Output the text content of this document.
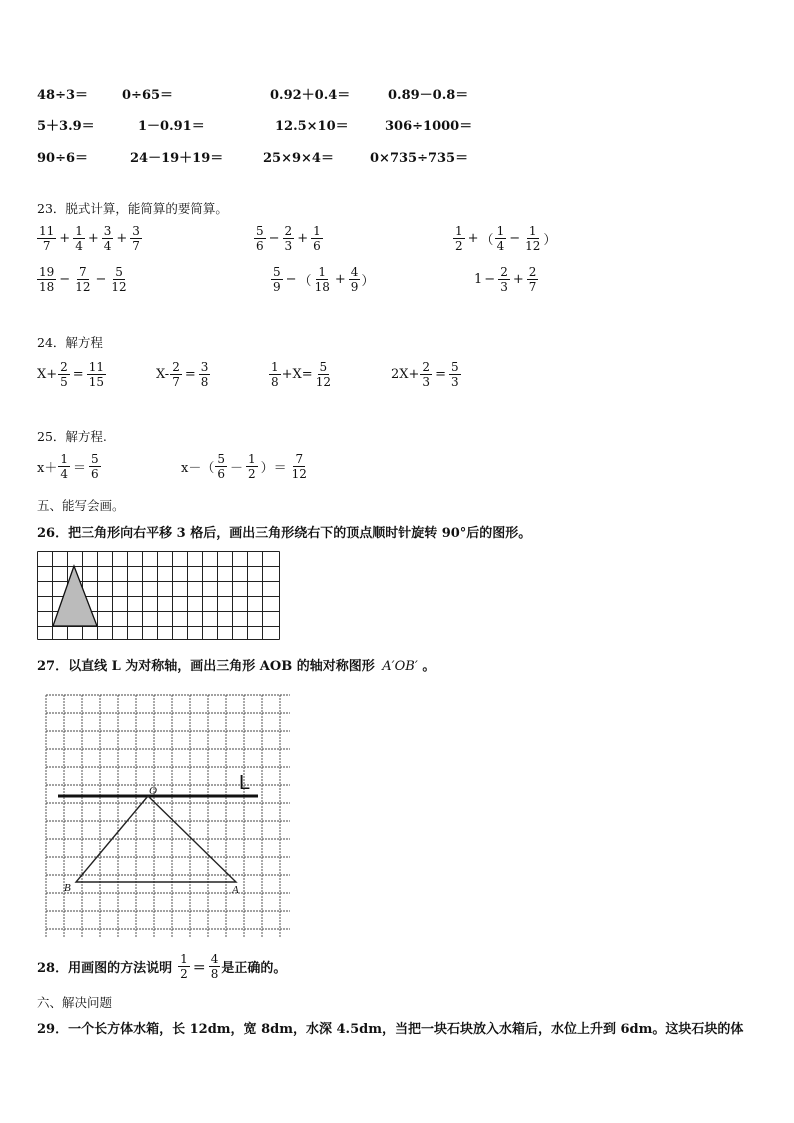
48÷3＝	0÷65＝	0.92＋0.4＝	0.89－0.8＝
5＋3.9＝	1－0.91＝	12.5×10＝	306÷1000＝
90÷6＝	24－19＋19＝	25×9×4＝	0×735÷735＝
23．脱式计算，能简算的要简算。
$\frac{11}{7} + \frac{1}{4} + \frac{3}{4} + \frac{3}{7}$	$\frac{5}{6} - \frac{2}{3} + \frac{1}{6}$	$\frac{1}{2}$ + （ $\frac{1}{4} - \frac{1}{12}$ ）
$\frac{19}{18} - \frac{7}{12} - \frac{5}{12}$	$\frac{5}{9}$ − （ $\frac{1}{18} + \frac{4}{9}$ ）	$1 - \frac{2}{3} + \frac{2}{7}$
24．解方程
$X+ \frac{2}{5} = \frac{11}{15}$	$X- \frac{2}{7} = \frac{3}{8}$	$\frac{1}{8} +X= \frac{5}{12}$	$2X+ \frac{2}{3} = \frac{5}{3}$
25．解方程.
$x+ \frac{1}{4} = \frac{5}{6}$	$x-( \frac{5}{6} - \frac{1}{2}$ ）＝ $\frac{7}{12}$
五、能写会画。
26．把三角形向右平移 3 格后，画出三角形绕右下的顶点顺时针旋转 90°后的图形。
27．以直线 L 为对称轴，画出三角形 AOB 的轴对称图形 A′OB′ 。
L
O
B	A
28．用画图的方法说明 $\frac{1}{2} = \frac{4}{8}$ 是正确的。
六、解决问题
29．一个长方体水箱，长 12dm，宽 8dm，水深 4.5dm，当把一块石块放入水箱后，水位上升到 6dm。这块石块的体
